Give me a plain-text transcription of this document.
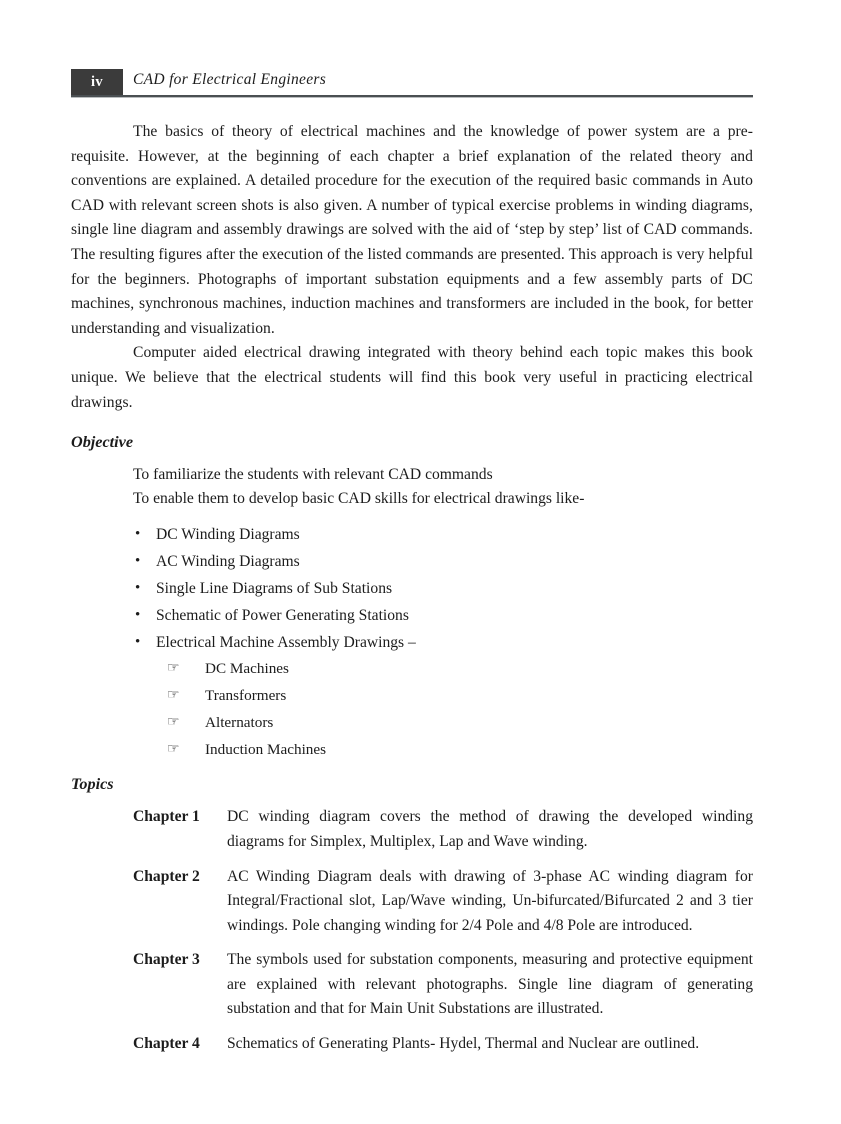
iv	CAD for Electrical Engineers

The basics of theory of electrical machines and the knowledge of power system are a pre-requisite. However, at the beginning of each chapter a brief explanation of the related theory and conventions are explained. A detailed procedure for the execution of the required basic commands in Auto CAD with relevant screen shots is also given. A number of typical exercise problems in winding diagrams, single line diagram and assembly drawings are solved with the aid of ‘step by step’ list of CAD commands. The resulting figures after the execution of the listed commands are presented. This approach is very helpful for the beginners. Photographs of important substation equipments and a few assembly parts of DC machines, synchronous machines, induction machines and transformers are included in the book, for better understanding and visualization.

Computer aided electrical drawing integrated with theory behind each topic makes this book unique. We believe that the electrical students will find this book very useful in practicing electrical drawings.

Objective
To familiarize the students with relevant CAD commands
To enable them to develop basic CAD skills for electrical drawings like-
• DC Winding Diagrams
• AC Winding Diagrams
• Single Line Diagrams of Sub Stations
• Schematic of Power Generating Stations
• Electrical Machine Assembly Drawings –
☞ DC Machines
☞ Transformers
☞ Alternators
☞ Induction Machines
Topics
Chapter 1	DC winding diagram covers the method of drawing the developed winding diagrams for Simplex, Multiplex, Lap and Wave winding.

Chapter 2	AC Winding Diagram deals with drawing of 3-phase AC winding diagram for Integral/Fractional slot, Lap/Wave winding, Un-bifurcated/Bifurcated 2 and 3 tier windings. Pole changing winding for 2/4 Pole and 4/8 Pole are introduced.

Chapter 3	The symbols used for substation components, measuring and protective equipment are explained with relevant photographs. Single line diagram of generating substation and that for Main Unit Substations are illustrated.

Chapter 4	Schematics of Generating Plants- Hydel, Thermal and Nuclear are outlined.
